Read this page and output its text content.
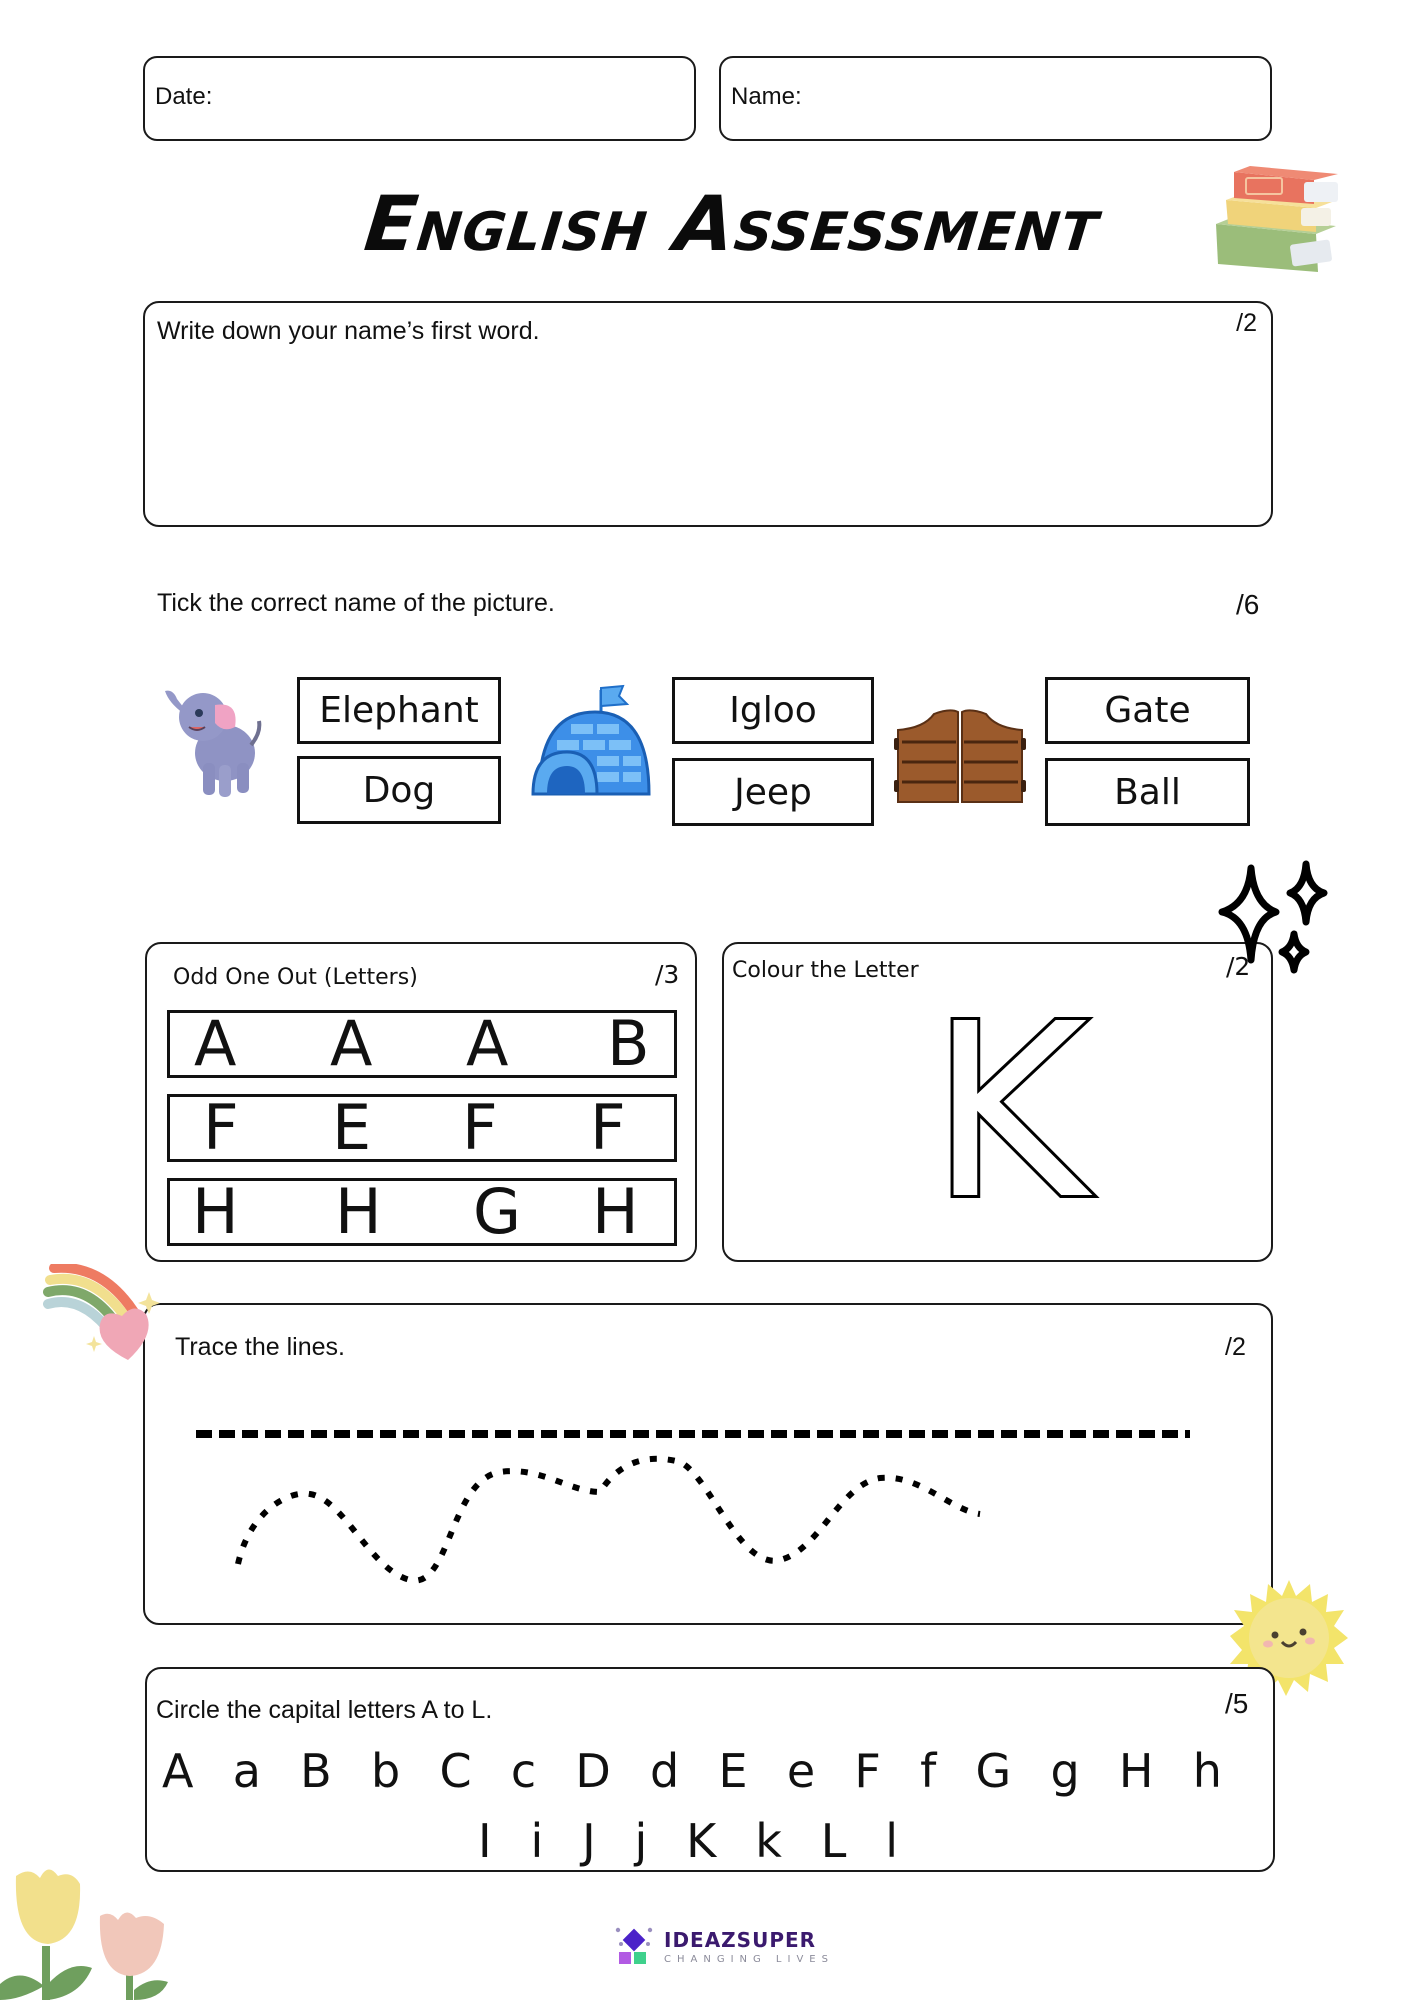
Date:	Name:
English Assessment
Write down your name’s first word.	/2
Tick the correct name of the picture.	/6
Elephant
Dog
Igloo
Jeep
Gate
Ball
Odd One Out (Letters)	/3
A A A B
F E F F
H H G H
Colour the Letter	/2
K
Trace the lines.	/2
Circle the capital letters A to L.	/5
A a B b C c D d E e F f G g H h
I i J j K k L l
IDEAZSUPER
CHANGING LIVES
